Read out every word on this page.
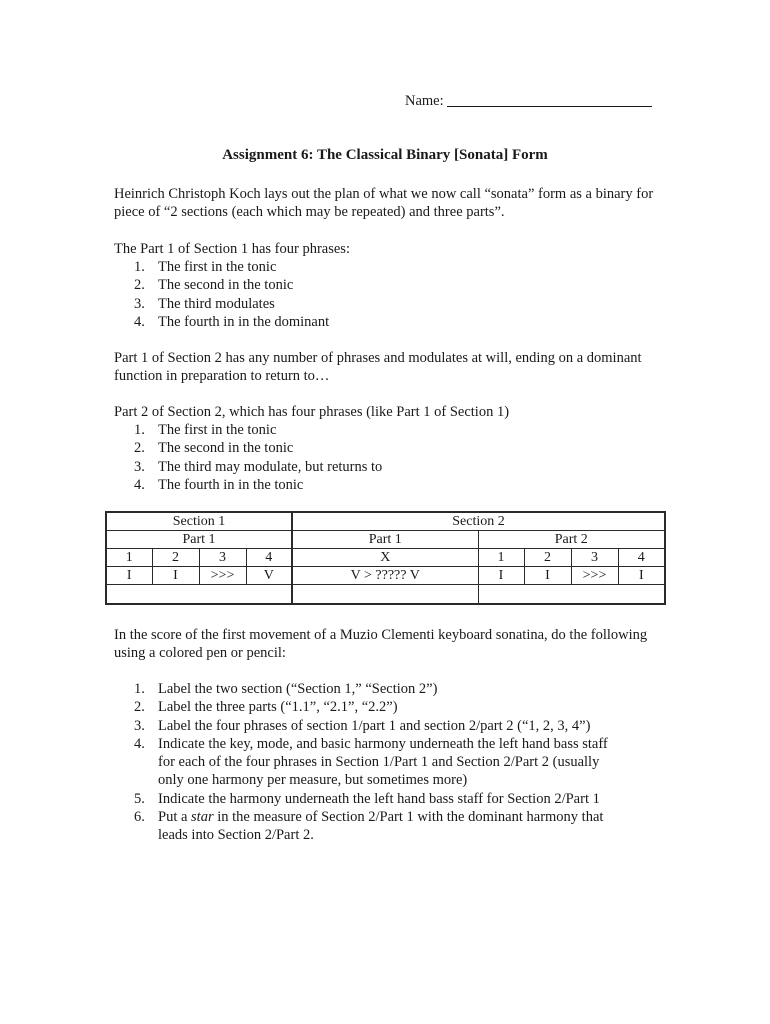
Name:
Assignment 6: The Classical Binary [Sonata] Form

Heinrich Christoph Koch lays out the plan of what we now call “sonata” form as a binary for piece of “2 sections (each which may be repeated) and three parts”.

The Part 1 of Section 1 has four phrases:

1. The first in the tonic
2. The second in the tonic
3. The third modulates
4. The fourth in in the dominant

Part 1 of Section 2 has any number of phrases and modulates at will, ending on a dominant function in preparation to return to…

Part 2 of Section 2, which has four phrases (like Part 1 of Section 1)

1. The first in the tonic
2. The second in the tonic
3. The third may modulate, but returns to
4. The fourth in in the tonic
Section 1				Section 2				
Part 1				Part 1	Part 2			
1	2	3	4	X	1	2	3	4
I	I	>>>	V	V > ????? V	I	I	>>>	I

In the score of the first movement of a Muzio Clementi keyboard sonatina, do the following using a colored pen or pencil:

1. Label the two section (“Section 1,” “Section 2”)
2. Label the three parts (“1.1”, “2.1”, “2.2”)
3. Label the four phrases of section 1/part 1 and section 2/part 2 (“1, 2, 3, 4”)
4. Indicate the key, mode, and basic harmony underneath the left hand bass staff for each of the four phrases in Section 1/Part 1 and Section 2/Part 2 (usually only one harmony per measure, but sometimes more)
5. Indicate the harmony underneath the left hand bass staff for Section 2/Part 1
6. Put a star in the measure of Section 2/Part 1 with the dominant harmony that leads into Section 2/Part 2.
